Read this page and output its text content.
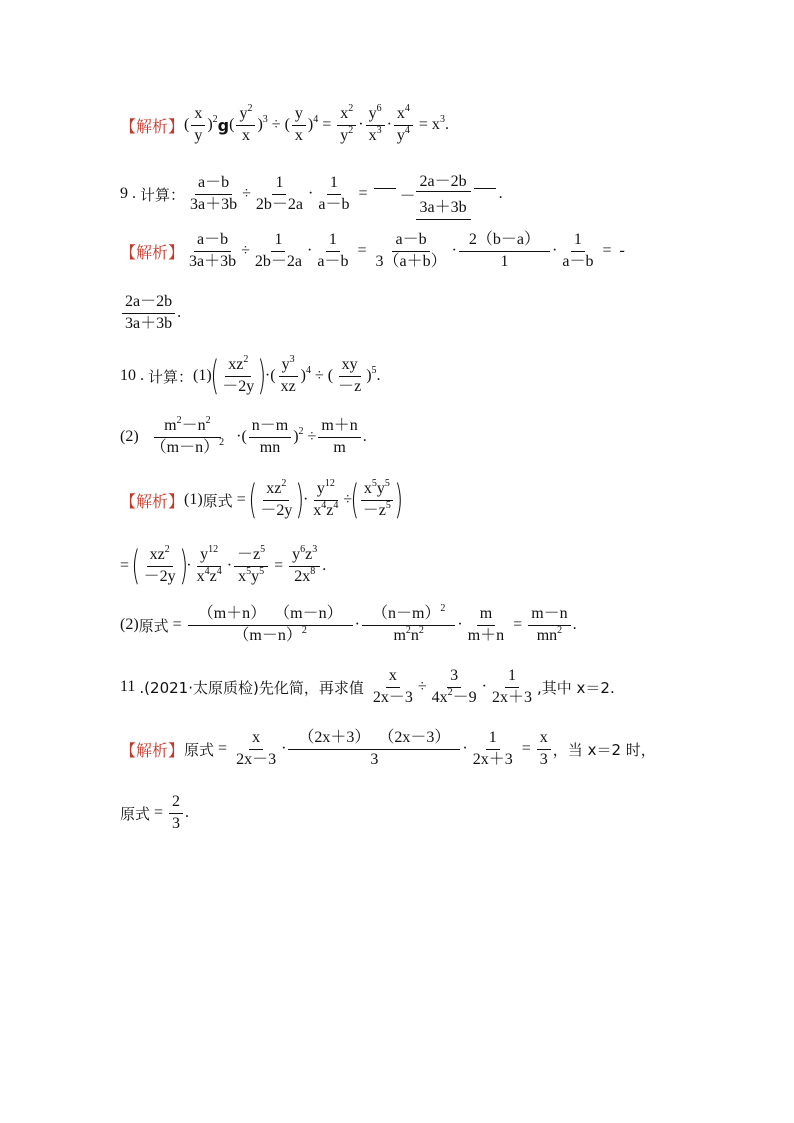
【解析】 ( $\frac{x}{y} )^2$ g ( $\frac{y^2}{x} )^3$ ÷ ( $\frac{y}{x} )^4 = \frac{x^2}{y^2} \cdot \frac{y^6}{x^3} \cdot \frac{x^4}{y^4} = x^3$.
9 . 计算： $\frac{a-b}{3a+3b} \div \frac{1}{2b-2a} \cdot \frac{1}{a-b}$ = － $\frac{2a-2b}{3a+3b}$ .
【解析】 $\frac{a-b}{3a+3b} \div \frac{1}{2b-2a} \cdot \frac{1}{a-b} = \frac{a-b}{3(a+b)} \cdot \frac{2(b-a)}{1} \cdot \frac{1}{a-b}$ =  -
$\frac{2a-2b}{3a+3b}$ .
10 . 计算： (1)
( $\frac{xz^2}{-2y}$ )
·( $\frac{y^3}{xz} )^4$ ÷ ( $\frac{xy}{-z} )^5$.
$(2) \frac{m^2-n^2}{(m-n)^2}$ ·( $\frac{n-m}{mn} )^2 \div \frac{m+n}{m}$ .
【解析】 (1) 原式 =
( $\frac{xz^2}{-2y}$ )
· $\frac{y^{12}}{x^4z^4}$ ÷
( $\frac{x^5y^5}{-z^5}$ )
=
( $\frac{xz^2}{-2y}$ )
· $\frac{y^{12}}{x^4z^4} \cdot \frac{-z^5}{x^5y^5} = \frac{y^6z^3}{2x^8}$ .
(2) 原式 = $\frac{(m+n) (m-n)}{(m-n)^2} \cdot \frac{(n-m)^2}{m^2n^2} \cdot \frac{m}{m+n} = \frac{m-n}{mn^2}$ .
11
.(2021·太原质检)先化简，再求值
$\frac{x}{2x-3} \div \frac{3}{4x^2-9} \cdot \frac{1}{2x+3}$ ,其中 x＝2.
【解析】 原式 = $\frac{x}{2x-3} \cdot \frac{(2x+3) (2x-3)}{3} \cdot \frac{1}{2x+3} = \frac{x}{3}$ ，当 x＝2 时，
原式 = $\frac{2}{3}$ .
